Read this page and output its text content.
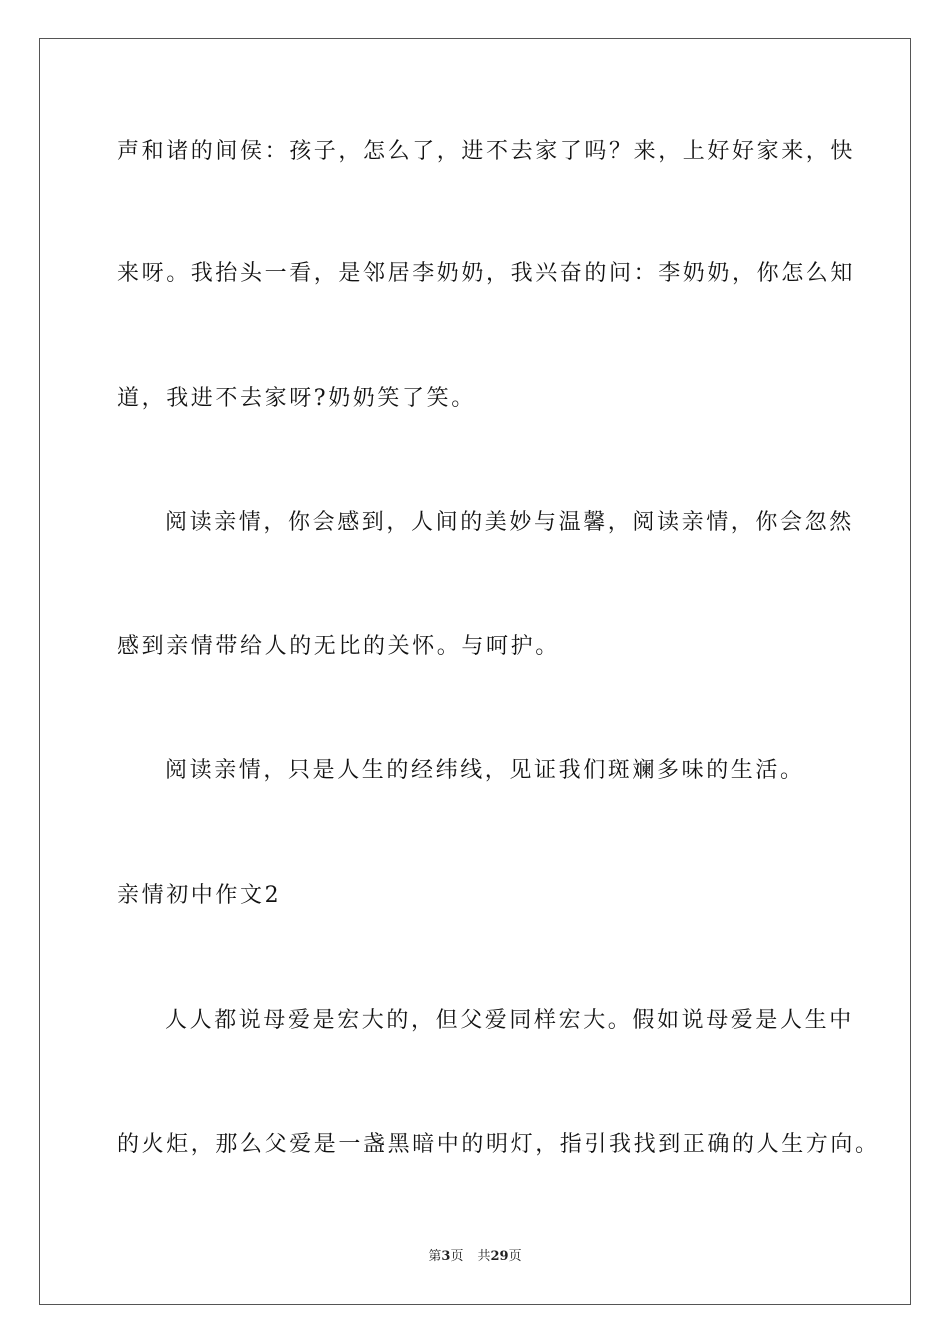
声和诸的间侯：孩子，怎么了，进不去家了吗？来，上好好家来，快
来呀。我抬头一看，是邻居李奶奶，我兴奋的问：李奶奶，你怎么知
道，我进不去家呀?奶奶笑了笑。
阅读亲情，你会感到，人间的美妙与温馨，阅读亲情，你会忽然
感到亲情带给人的无比的关怀。与呵护。
阅读亲情，只是人生的经纬线，见证我们斑斓多味的生活。
亲情初中作文2
人人都说母爱是宏大的，但父爱同样宏大。假如说母爱是人生中
的火炬，那么父爱是一盏黑暗中的明灯，指引我找到正确的人生方向。
第3页 共29页
